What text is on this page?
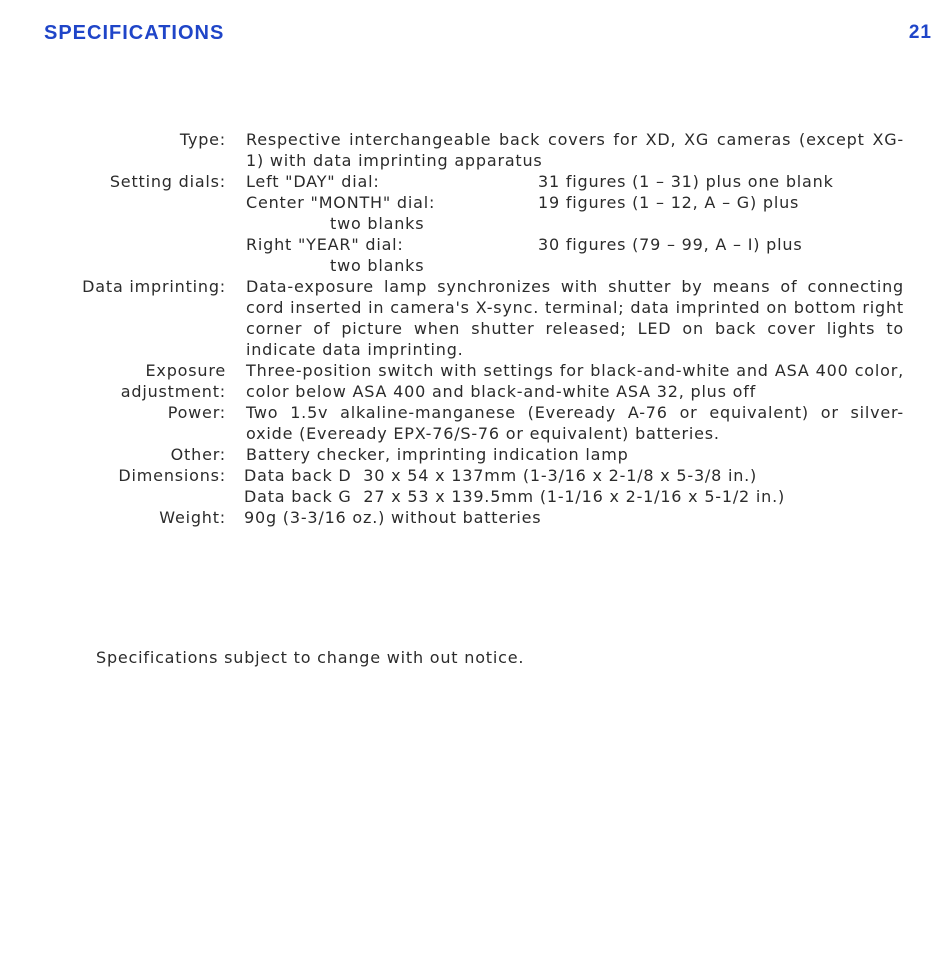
SPECIFICATIONS	21
Type: Respective interchangeable back covers for XD, XG cameras (except XG-1) with data imprinting apparatus
Setting dials: Left "DAY" dial:	31 figures (1 – 31) plus one blank
Center "MONTH" dial:	19 figures (1 – 12, A – G) plus
two blanks
Right "YEAR" dial:	30 figures (79 – 99, A – I) plus
two blanks
Data imprinting: Data-exposure lamp synchronizes with shutter by means of connecting cord inserted in camera's X-sync. terminal; data imprinted on bottom right corner of picture when shutter released; LED on back cover lights to indicate data imprinting.
Exposure
adjustment:
Three-position switch with settings for black-and-white and ASA 400 color, color below ASA 400 and black-and-white ASA 32, plus off
Power: Two 1.5v alkaline-manganese (Eveready A-76 or equivalent) or silver-oxide (Eveready EPX-76/S-76 or equivalent) batteries.
Other: Battery checker, imprinting indication lamp
Dimensions: Data back D  30 x 54 x 137mm (1-3/16 x 2-1/8 x 5-3/8 in.)
Data back G  27 x 53 x 139.5mm (1-1/16 x 2-1/16 x 5-1/2 in.)
Weight: 90g (3-3/16 oz.) without batteries
Specifications subject to change with out notice.
